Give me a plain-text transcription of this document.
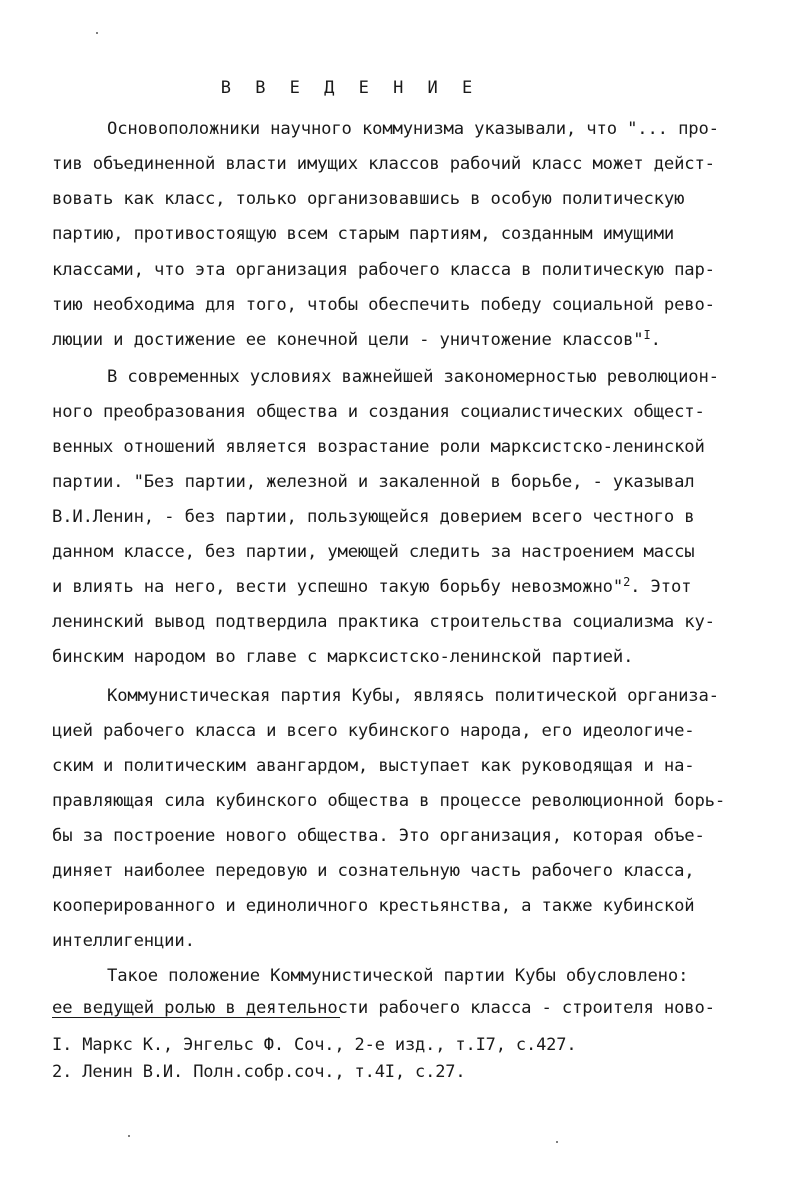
В В Е Д Е Н И Е
Основоположники научного коммунизма указывали, что "... про-
тив объединенной власти имущих классов рабочий класс может дейст-
вовать как класс, только организовавшись в особую политическую
партию, противостоящую всем старым партиям, созданным имущими
классами, что эта организация рабочего класса в политическую пар-
тию необходима для того, чтобы обеспечить победу социальной рево-
люции и достижение ее конечной цели - уничтожение классов"$^I$.
В современных условиях важнейшей закономерностью революцион-
ного преобразования общества и создания социалистических общест-
венных отношений является возрастание роли марксистско-ленинской
партии. "Без партии, железной и закаленной в борьбе, - указывал
В.И.Ленин, - без партии, пользующейся доверием всего честного в
данном классе, без партии, умеющей следить за настроением массы
и влиять на него, вести успешно такую борьбу невозможно"$^2$. Этот
ленинский вывод подтвердила практика строительства социализма ку-
бинским народом во главе с марксистско-ленинской партией.
Коммунистическая партия Кубы, являясь политической организа-
цией рабочего класса и всего кубинского народа, его идеологиче-
ским и политическим авангардом, выступает как руководящая и на-
правляющая сила кубинского общества в процессе революционной борь-
бы за построение нового общества. Это организация, которая объе-
диняет наиболее передовую и сознательную часть рабочего класса,
кооперированного и единоличного крестьянства, а также кубинской
интеллигенции.
Такое положение Коммунистической партии Кубы обусловлено:
ее ведущей ролью в деятельности рабочего класса - строителя ново-
I. Маркс К., Энгельс Ф. Соч., 2-е изд., т.I7, с.427.
2. Ленин В.И. Полн.собр.соч., т.4I, с.27.
